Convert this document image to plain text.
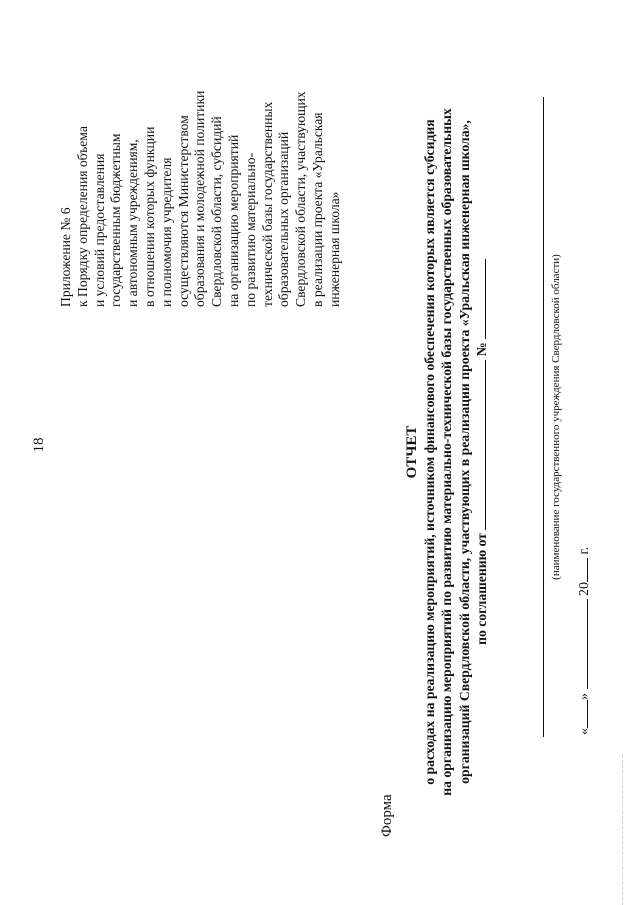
18
Приложение № 6 к Порядку определения объема и условий предоставления государственным бюджетным и автономным учреждениям, в отношении которых функции и полномочия учредителя осуществляются Министерством образования и молодежной политики Свердловской области, субсидий на организацию мероприятий по развитию материально- технической базы государственных образовательных организаций Свердловской области, участвующих в реализации проекта «Уральская инженерная школа»
Форма
ОТЧЕТ о расходах на реализацию мероприятий, источником финансового обеспечения которых является субсидия на организацию мероприятий по развитию материально-технической базы государственных образовательных организаций Свердловской области, участвующих в реализации проекта «Уральская инженерная школа», по соглашению от  №	(наименование государственного учреждения Свердловской области)
«»  20 г.
